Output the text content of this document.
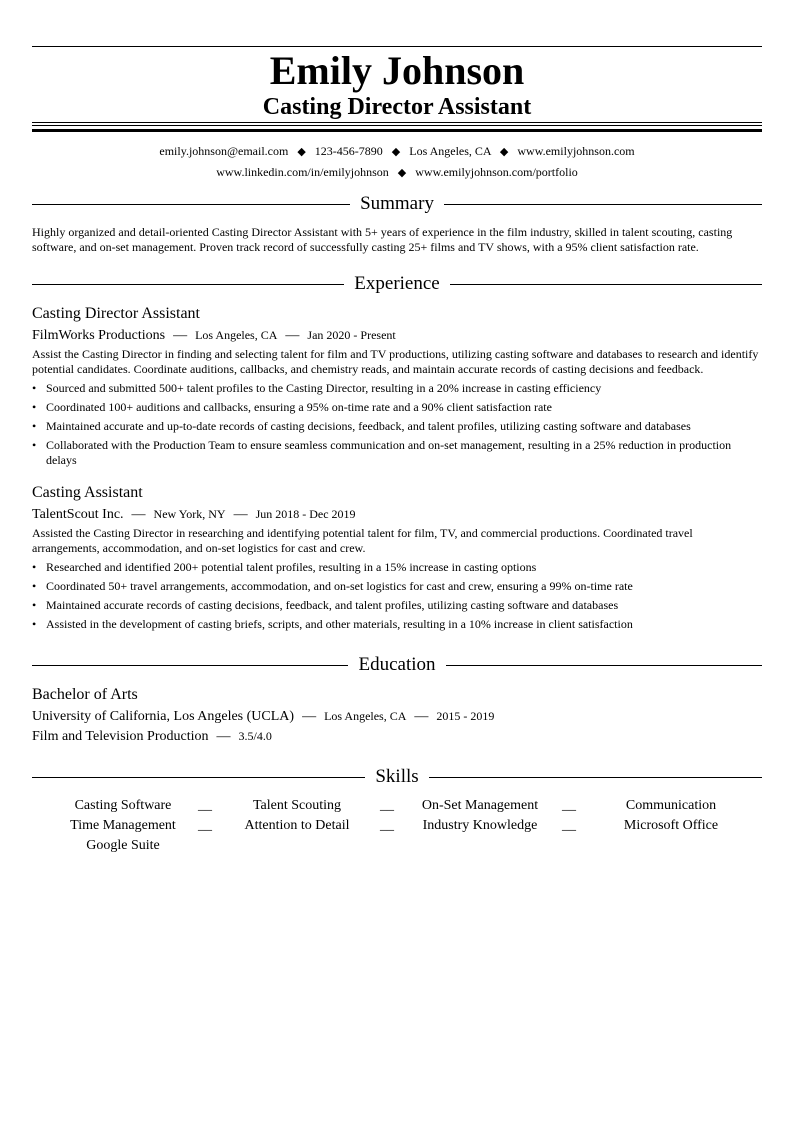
Emily Johnson
Casting Director Assistant
emily.johnson@email.com ◆ 123-456-7890 ◆ Los Angeles, CA ◆ www.emilyjohnson.com
www.linkedin.com/in/emilyjohnson ◆ www.emilyjohnson.com/portfolio
Summary
Highly organized and detail-oriented Casting Director Assistant with 5+ years of experience in the film industry, skilled in talent scouting, casting software, and on-set management. Proven track record of successfully casting 25+ films and TV shows, with a 95% client satisfaction rate.
Experience
Casting Director Assistant
FilmWorks Productions — Los Angeles, CA — Jan 2020 - Present
Assist the Casting Director in finding and selecting talent for film and TV productions, utilizing casting software and databases to research and identify potential candidates. Coordinate auditions, callbacks, and chemistry reads, and maintain accurate records of casting decisions and feedback.
• Sourced and submitted 500+ talent profiles to the Casting Director, resulting in a 20% increase in casting efficiency
• Coordinated 100+ auditions and callbacks, ensuring a 95% on-time rate and a 90% client satisfaction rate
• Maintained accurate and up-to-date records of casting decisions, feedback, and talent profiles, utilizing casting software and databases
• Collaborated with the Production Team to ensure seamless communication and on-set management, resulting in a 25% reduction in production delays
Casting Assistant
TalentScout Inc. — New York, NY — Jun 2018 - Dec 2019
Assisted the Casting Director in researching and identifying potential talent for film, TV, and commercial productions. Coordinated travel arrangements, accommodation, and on-set logistics for cast and crew.
• Researched and identified 200+ potential talent profiles, resulting in a 15% increase in casting options
• Coordinated 50+ travel arrangements, accommodation, and on-set logistics for cast and crew, ensuring a 99% on-time rate
• Maintained accurate records of casting decisions, feedback, and talent profiles, utilizing casting software and databases
• Assisted in the development of casting briefs, scripts, and other materials, resulting in a 10% increase in client satisfaction
Education
Bachelor of Arts
University of California, Los Angeles (UCLA) — Los Angeles, CA — 2015 - 2019
Film and Television Production — 3.5/4.0
Skills
Casting Software	__	Talent Scouting	__	On-Set Management	__	Communication
Time Management	__	Attention to Detail	__	Industry Knowledge	__	Microsoft Office
Google Suite
